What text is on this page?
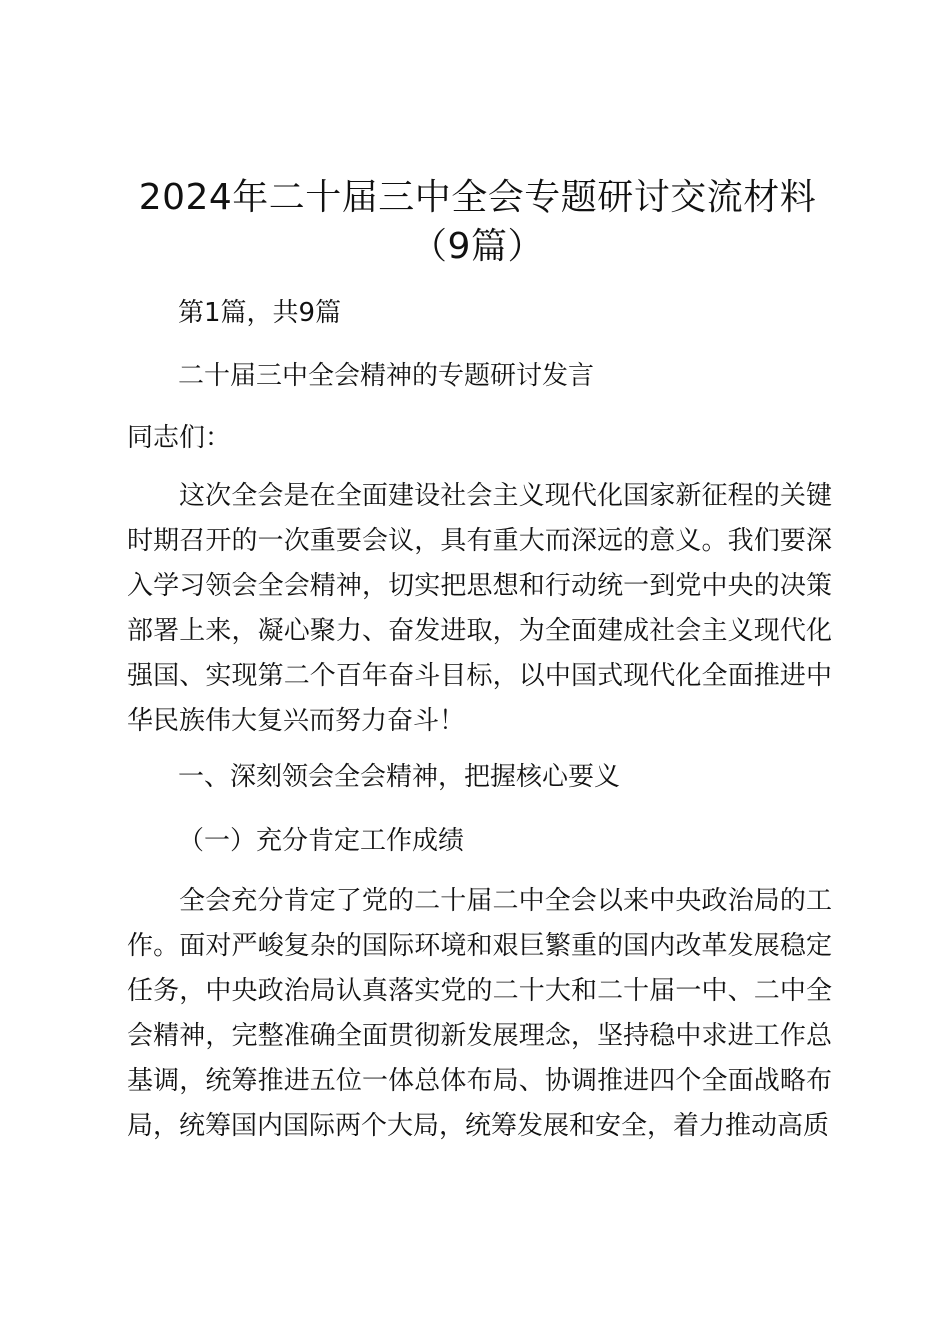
2024年二十届三中全会专题研讨交流材料
（9篇）
第1篇，共9篇
二十届三中全会精神的专题研讨发言
同志们：
这次全会是在全面建设社会主义现代化国家新征程的关键时期召开的一次重要会议，具有重大而深远的意义。我们要深入学习领会全会精神，切实把思想和行动统一到党中央的决策部署上来，凝心聚力、奋发进取，为全面建成社会主义现代化强国、实现第二个百年奋斗目标，以中国式现代化全面推进中华民族伟大复兴而努力奋斗！
一、深刻领会全会精神，把握核心要义
（一）充分肯定工作成绩
全会充分肯定了党的二十届二中全会以来中央政治局的工作。面对严峻复杂的国际环境和艰巨繁重的国内改革发展稳定任务，中央政治局认真落实党的二十大和二十届一中、二中全会精神，完整准确全面贯彻新发展理念，坚持稳中求进工作总基调，统筹推进五位一体总体布局、协调推进四个全面战略布局，统筹国内国际两个大局，统筹发展和安全，着力推动高质
